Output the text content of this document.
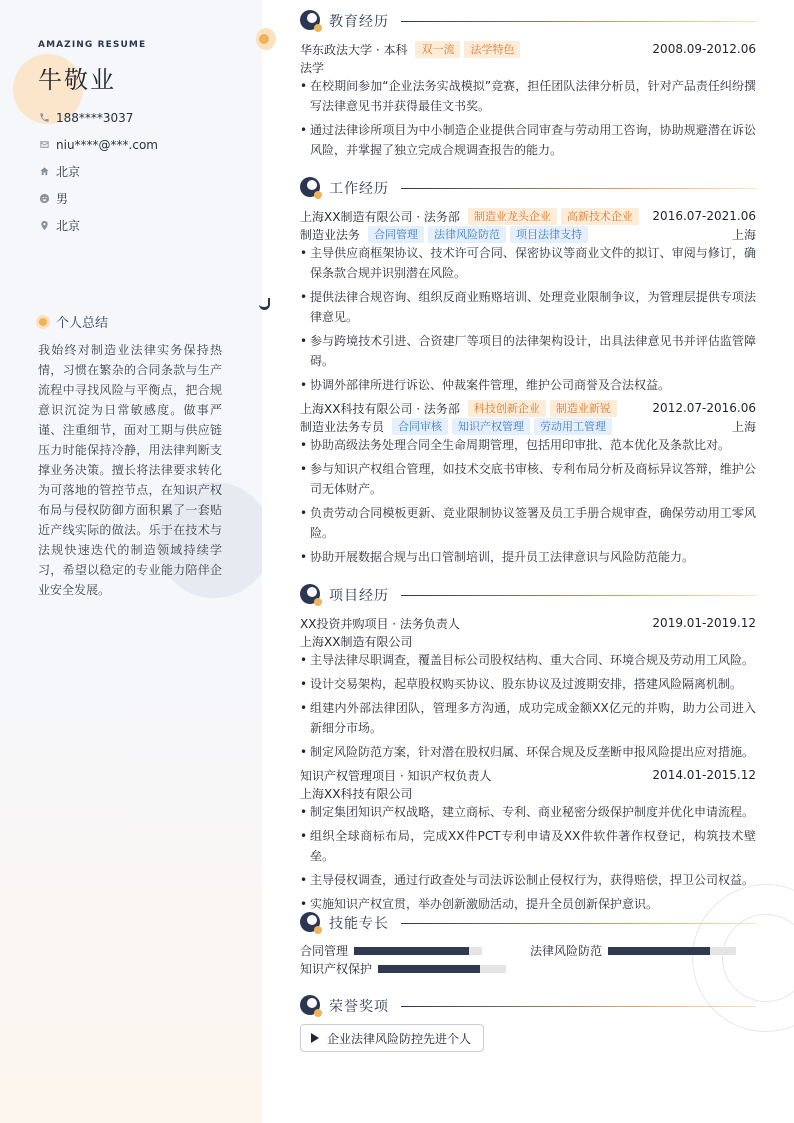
AMAZING RESUME
牛敬业
188****3037
niu****@***.com
北京
男
北京
个人总结
我始终对制造业法律实务保持热情，习惯在繁杂的合同条款与生产流程中寻找风险与平衡点，把合规意识沉淀为日常敏感度。做事严谨、注重细节，面对工期与供应链压力时能保持冷静，用法律判断支撑业务决策。擅长将法律要求转化为可落地的管控节点，在知识产权布局与侵权防御方面积累了一套贴近产线实际的做法。乐于在技术与法规快速迭代的制造领域持续学习，希望以稳定的专业能力陪伴企业安全发展。
教育经历
华东政法大学 · 本科	双一流	法学特色	2008.09-2012.06
法学
• 在校期间参加“企业法务实战模拟”竞赛，担任团队法律分析员，针对产品责任纠纷撰写法律意见书并获得最佳文书奖。
• 通过法律诊所项目为中小制造企业提供合同审查与劳动用工咨询，协助规避潜在诉讼风险，并掌握了独立完成合规调查报告的能力。
工作经历
上海XX制造有限公司 · 法务部	制造业龙头企业	高新技术企业	2016.07-2021.06
制造业法务	合同管理	法律风险防范	项目法律支持	上海
• 主导供应商框架协议、技术许可合同、保密协议等商业文件的拟订、审阅与修订，确保条款合规并识别潜在风险。
• 提供法律合规咨询、组织反商业贿赂培训、处理竞业限制争议，为管理层提供专项法律意见。
• 参与跨境技术引进、合资建厂等项目的法律架构设计，出具法律意见书并评估监管障碍。
• 协调外部律所进行诉讼、仲裁案件管理，维护公司商誉及合法权益。
上海XX科技有限公司 · 法务部	科技创新企业	制造业新锐	2012.07-2016.06
制造业法务专员	合同审核	知识产权管理	劳动用工管理	上海
• 协助高级法务处理合同全生命周期管理，包括用印审批、范本优化及条款比对。
• 参与知识产权组合管理，如技术交底书审核、专利布局分析及商标异议答辩，维护公司无体财产。
• 负责劳动合同模板更新、竞业限制协议签署及员工手册合规审查，确保劳动用工零风险。
• 协助开展数据合规与出口管制培训，提升员工法律意识与风险防范能力。
项目经历
XX投资并购项目 · 法务负责人	2019.01-2019.12
上海XX制造有限公司
• 主导法律尽职调查，覆盖目标公司股权结构、重大合同、环境合规及劳动用工风险。
• 设计交易架构，起草股权购买协议、股东协议及过渡期安排，搭建风险隔离机制。
• 组建内外部法律团队，管理多方沟通，成功完成金额XX亿元的并购，助力公司进入新细分市场。
• 制定风险防范方案，针对潜在股权归属、环保合规及反垄断申报风险提出应对措施。
知识产权管理项目 · 知识产权负责人	2014.01-2015.12
上海XX科技有限公司
• 制定集团知识产权战略，建立商标、专利、商业秘密分级保护制度并优化申请流程。
• 组织全球商标布局，完成XX件PCT专利申请及XX件软件著作权登记，构筑技术壁垒。
• 主导侵权调查，通过行政查处与司法诉讼制止侵权行为，获得赔偿，捍卫公司权益。
• 实施知识产权宣贯，举办创新激励活动，提升全员创新保护意识。
技能专长
合同管理	法律风险防范
知识产权保护
荣誉奖项
企业法律风险防控先进个人
